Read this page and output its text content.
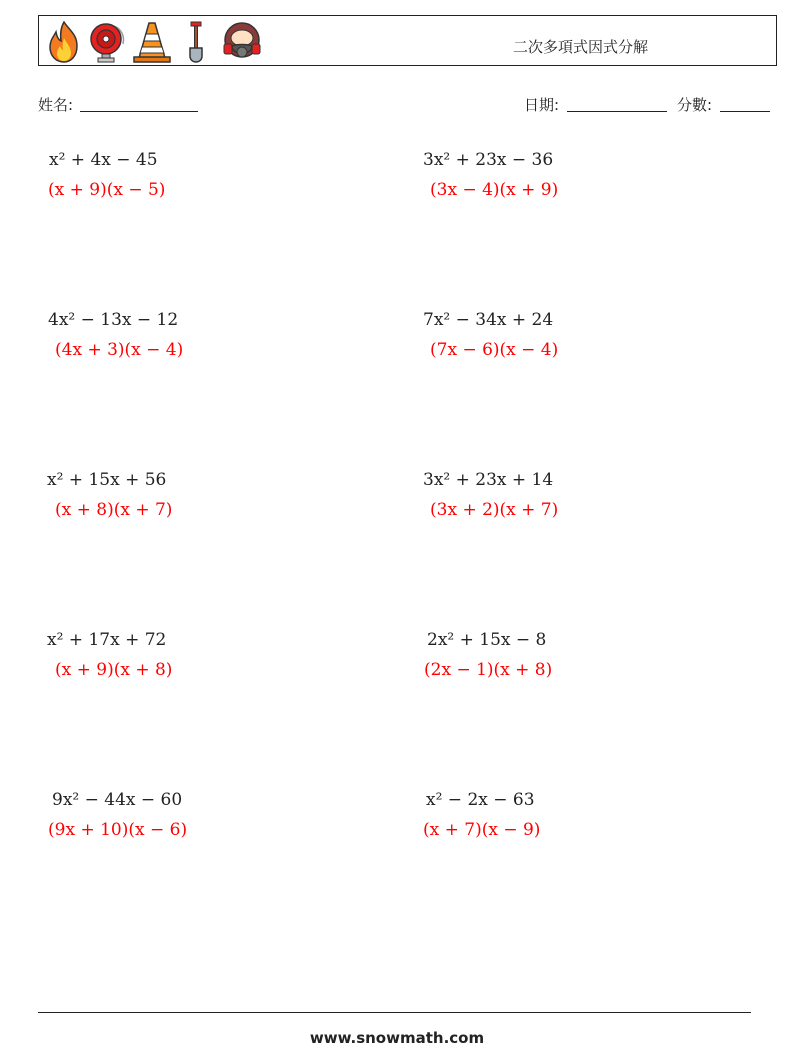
二次多項式因式分解
姓名:	日期:	分數:
x² + 4x − 45
(x + 9)(x − 5)
3x² + 23x − 36
(3x − 4)(x + 9)
4x² − 13x − 12
(4x + 3)(x − 4)
7x² − 34x + 24
(7x − 6)(x − 4)
x² + 15x + 56
(x + 8)(x + 7)
3x² + 23x + 14
(3x + 2)(x + 7)
x² + 17x + 72
(x + 9)(x + 8)
2x² + 15x − 8
(2x − 1)(x + 8)
9x² − 44x − 60
(9x + 10)(x − 6)
x² − 2x − 63
(x + 7)(x − 9)
www.snowmath.com
